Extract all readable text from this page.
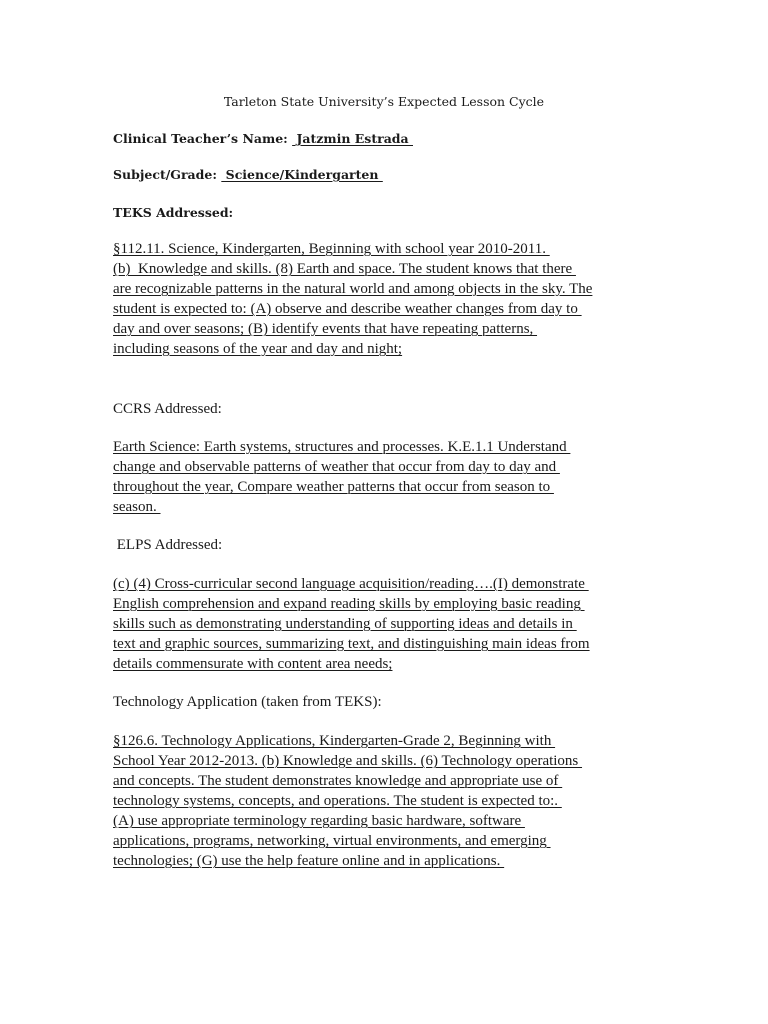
Tarleton State University’s Expected Lesson Cycle
Clinical Teacher’s Name:  Jatzmin Estrada
Subject/Grade:  Science/Kindergarten
TEKS Addressed:
§112.11. Science, Kindergarten, Beginning with school year 2010-2011.
(b)  Knowledge and skills. (8) Earth and space. The student knows that there
are recognizable patterns in the natural world and among objects in the sky. The
student is expected to: (A) observe and describe weather changes from day to
day and over seasons; (B) identify events that have repeating patterns,
including seasons of the year and day and night;
CCRS Addressed:
Earth Science: Earth systems, structures and processes. K.E.1.1 Understand
change and observable patterns of weather that occur from day to day and
throughout the year, Compare weather patterns that occur from season to
season.
ELPS Addressed:
(c) (4) Cross-curricular second language acquisition/reading….(I) demonstrate
English comprehension and expand reading skills by employing basic reading
skills such as demonstrating understanding of supporting ideas and details in
text and graphic sources, summarizing text, and distinguishing main ideas from
details commensurate with content area needs;
Technology Application (taken from TEKS):
§126.6. Technology Applications, Kindergarten-Grade 2, Beginning with
School Year 2012-2013. (b) Knowledge and skills. (6) Technology operations
and concepts. The student demonstrates knowledge and appropriate use of
technology systems, concepts, and operations. The student is expected to:.
(A) use appropriate terminology regarding basic hardware, software
applications, programs, networking, virtual environments, and emerging
technologies; (G) use the help feature online and in applications.
